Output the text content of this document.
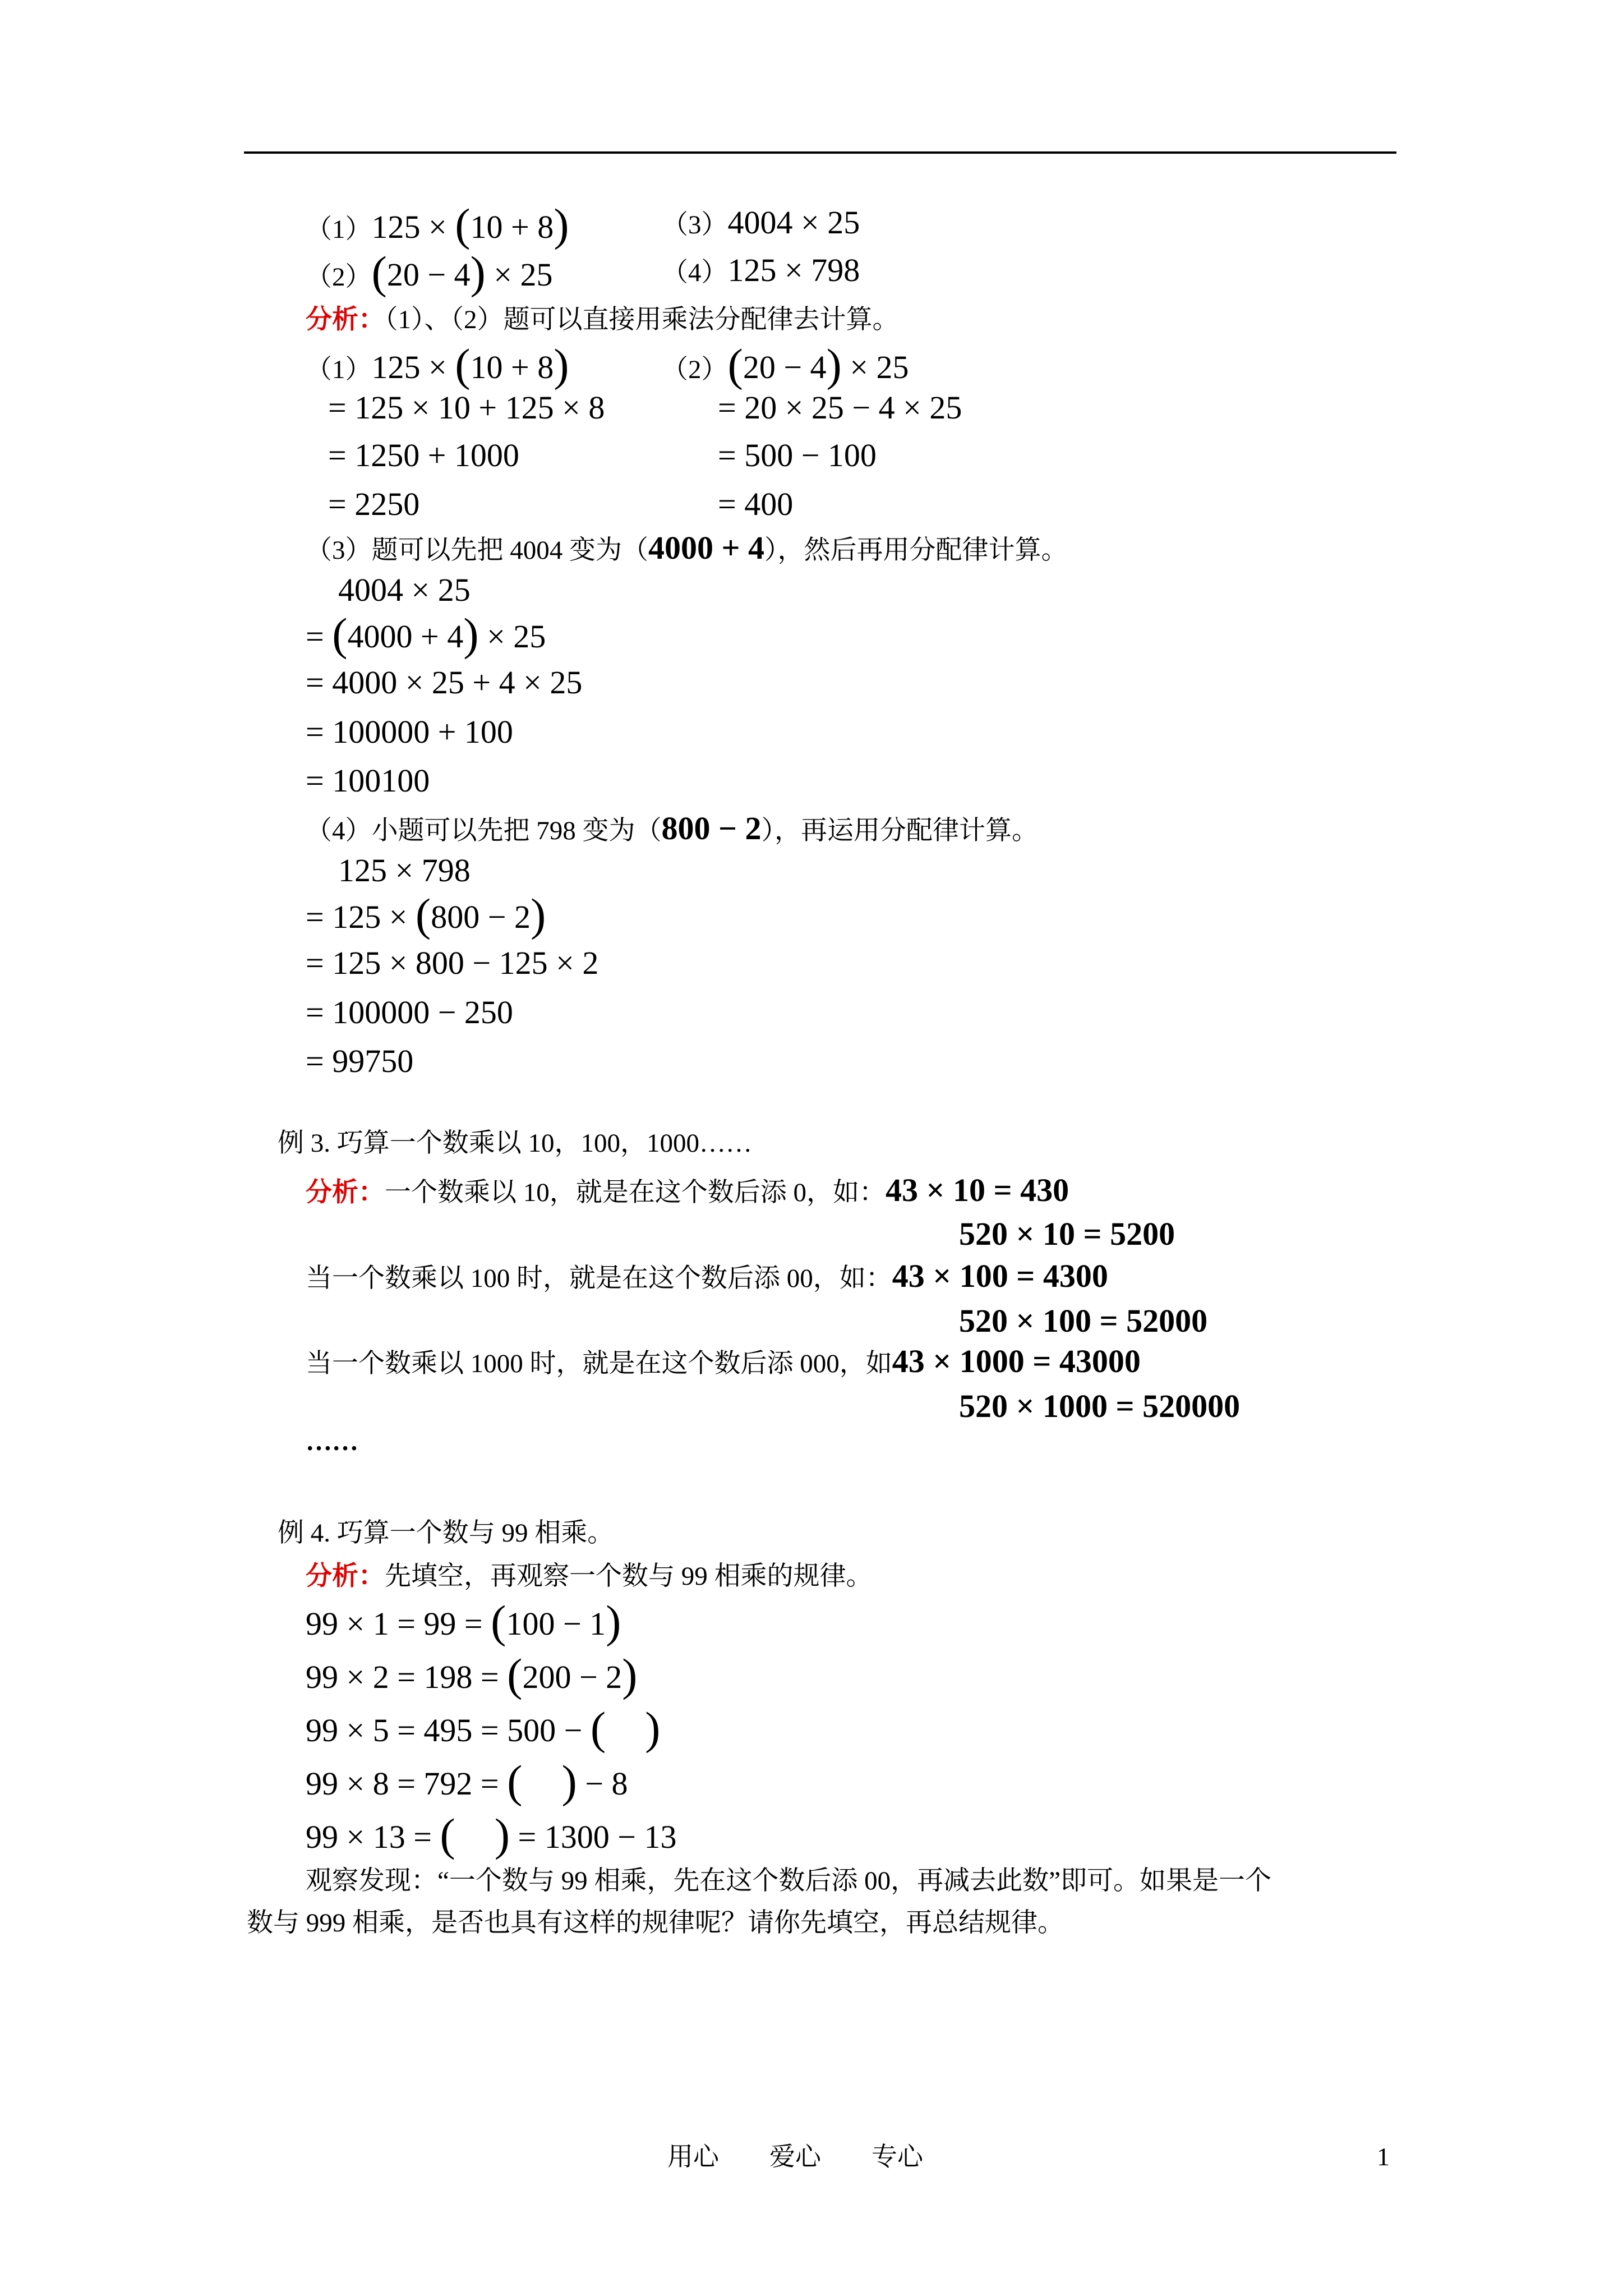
（1）125 × (10 + 8)	（3）4004 × 25
（2）(20 − 4) × 25	（4）125 × 798
分析：（1）、（2）题可以直接用乘法分配律去计算。
（1）125 × (10 + 8)
= 125 × 10 + 125 × 8
= 1250 + 1000
= 2250
（2）(20 − 4) × 25
= 20 × 25 − 4 × 25
= 500 − 100
= 400
（3）题可以先把 4004 变为（4000 + 4），然后再用分配律计算。
4004 × 25
= (4000 + 4) × 25
= 4000 × 25 + 4 × 25
= 100000 + 100
= 100100
（4）小题可以先把 798 变为（800 − 2），再运用分配律计算。
125 × 798
= 125 × (800 − 2)
= 125 × 800 − 125 × 2
= 100000 − 250
= 99750
例 3. 巧算一个数乘以 10，100，1000……
分析：一个数乘以 10，就是在这个数后添 0，如：43 × 10 = 430
520 × 10 = 5200
当一个数乘以 100 时，就是在这个数后添 00，如：43 × 100 = 4300
520 × 100 = 52000
当一个数乘以 1000 时，就是在这个数后添 000，如43 × 1000 = 43000
520 × 1000 = 520000
……
例 4. 巧算一个数与 99 相乘。
分析：先填空，再观察一个数与 99 相乘的规律。
99 × 1 = 99 = (100 − 1)
99 × 2 = 198 = (200 − 2)
99 × 5 = 495 = 500 − ( )
99 × 8 = 792 = ( ) − 8
99 × 13 = ( ) = 1300 − 13
观察发现：“一个数与 99 相乘，先在这个数后添 00，再减去此数”即可。如果是一个
数与 999 相乘，是否也具有这样的规律呢？请你先填空，再总结规律。
用心 爱心 专心	1
